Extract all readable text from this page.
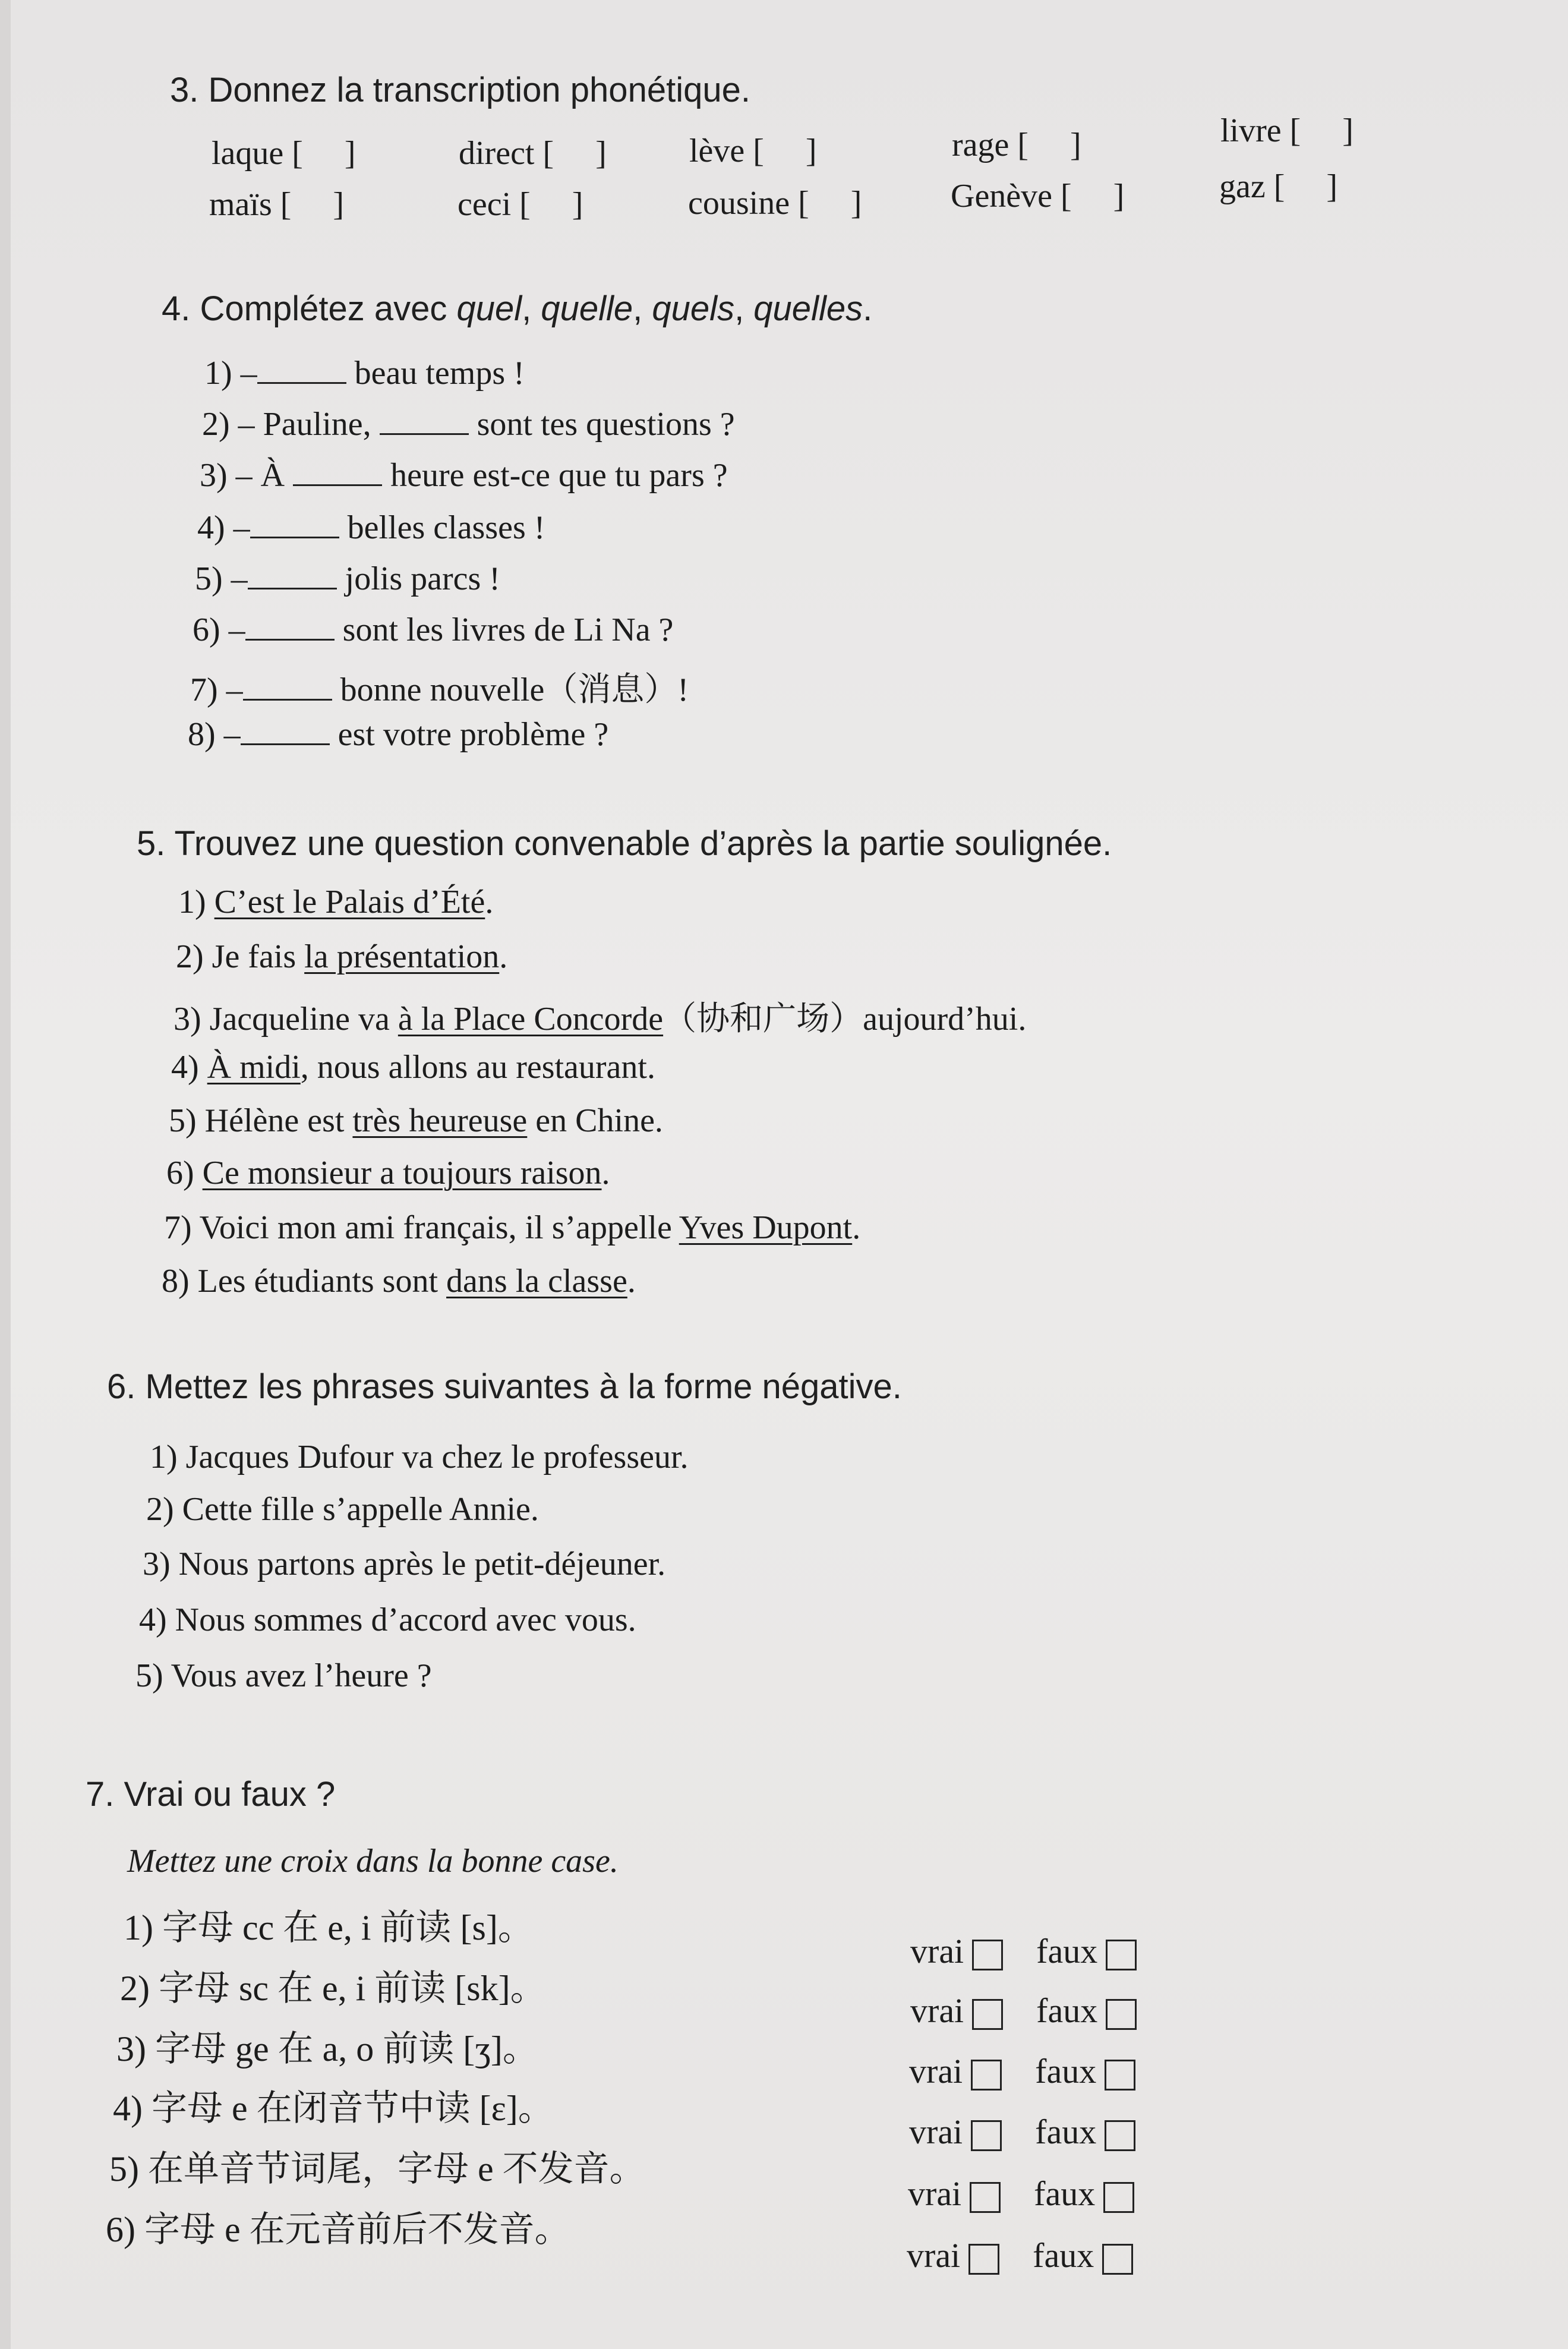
3. Donnez la transcription phonétique.
laque [ ]	direct [ ] lève [ ]	rage [ ]	livre [ ]
maïs [ ]	ceci [ ]	cousine [ ]	Genève [ ]	gaz [ ]
4. Complétez avec quel, quelle, quels, quelles.
1) –	beau temps !
2) – Pauline,	sont tes questions ?
3) – À	heure est-ce que tu pars ?
4) –	belles classes !
5) –	jolis parcs !
6) –	sont les livres de Li Na ?
7) –	bonne nouvelle（消息）!
8) –	est votre problème ?
5. Trouvez une question convenable d’après la partie soulignée.
1) C’est le Palais d’Été.
2) Je fais la présentation.
3) Jacqueline va à la Place Concorde（协和广场）aujourd’hui.
4) À midi, nous allons au restaurant.
5) Hélène est très heureuse en Chine.
6) Ce monsieur a toujours raison.
7) Voici mon ami français, il s’appelle Yves Dupont.
8) Les étudiants sont dans la classe.
6. Mettez les phrases suivantes à la forme négative.
1) Jacques Dufour va chez le professeur.
2) Cette fille s’appelle Annie.
3) Nous partons après le petit-déjeuner.
4) Nous sommes d’accord avec vous.
5) Vous avez l’heure ?
7. Vrai ou faux ?
Mettez une croix dans la bonne case.
1) 字母 cc 在 e, i 前读 [s]。
2) 字母 sc 在 e, i 前读 [sk]。
3) 字母 ge 在 a, o 前读 [ʒ]。
4) 字母 e 在闭音节中读 [ɛ]。
5) 在单音节词尾，字母 e 不发音。
6) 字母 e 在元音前后不发音。
vrai faux
vrai faux
vrai faux
vrai faux
vrai faux
vrai faux
